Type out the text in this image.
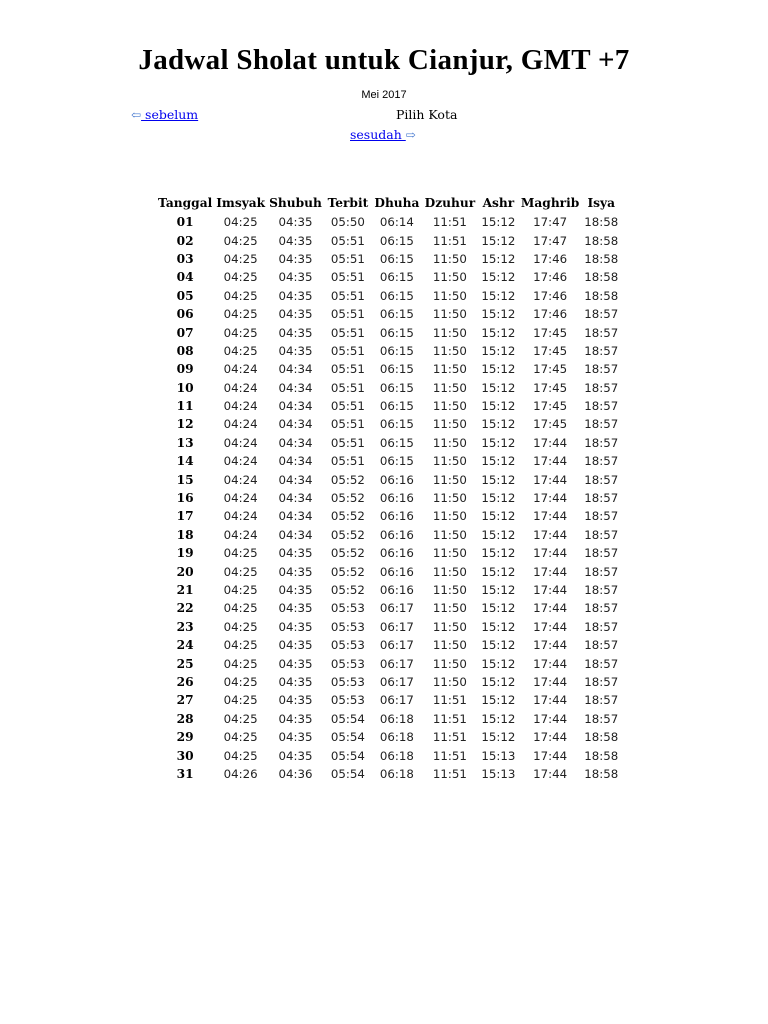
Jadwal Sholat untuk Cianjur, GMT +7
Mei 2017
⇦ sebelum	Pilih Kota
sesudah ⇨
Tanggal	Imsyak	Shubuh	Terbit	Dhuha	Dzuhur	Ashr	Maghrib	Isya
01	04:25	04:35	05:50	06:14	11:51	15:12	17:47	18:58
02	04:25	04:35	05:51	06:15	11:51	15:12	17:47	18:58
03	04:25	04:35	05:51	06:15	11:50	15:12	17:46	18:58
04	04:25	04:35	05:51	06:15	11:50	15:12	17:46	18:58
05	04:25	04:35	05:51	06:15	11:50	15:12	17:46	18:58
06	04:25	04:35	05:51	06:15	11:50	15:12	17:46	18:57
07	04:25	04:35	05:51	06:15	11:50	15:12	17:45	18:57
08	04:25	04:35	05:51	06:15	11:50	15:12	17:45	18:57
09	04:24	04:34	05:51	06:15	11:50	15:12	17:45	18:57
10	04:24	04:34	05:51	06:15	11:50	15:12	17:45	18:57
11	04:24	04:34	05:51	06:15	11:50	15:12	17:45	18:57
12	04:24	04:34	05:51	06:15	11:50	15:12	17:45	18:57
13	04:24	04:34	05:51	06:15	11:50	15:12	17:44	18:57
14	04:24	04:34	05:51	06:15	11:50	15:12	17:44	18:57
15	04:24	04:34	05:52	06:16	11:50	15:12	17:44	18:57
16	04:24	04:34	05:52	06:16	11:50	15:12	17:44	18:57
17	04:24	04:34	05:52	06:16	11:50	15:12	17:44	18:57
18	04:24	04:34	05:52	06:16	11:50	15:12	17:44	18:57
19	04:25	04:35	05:52	06:16	11:50	15:12	17:44	18:57
20	04:25	04:35	05:52	06:16	11:50	15:12	17:44	18:57
21	04:25	04:35	05:52	06:16	11:50	15:12	17:44	18:57
22	04:25	04:35	05:53	06:17	11:50	15:12	17:44	18:57
23	04:25	04:35	05:53	06:17	11:50	15:12	17:44	18:57
24	04:25	04:35	05:53	06:17	11:50	15:12	17:44	18:57
25	04:25	04:35	05:53	06:17	11:50	15:12	17:44	18:57
26	04:25	04:35	05:53	06:17	11:50	15:12	17:44	18:57
27	04:25	04:35	05:53	06:17	11:51	15:12	17:44	18:57
28	04:25	04:35	05:54	06:18	11:51	15:12	17:44	18:57
29	04:25	04:35	05:54	06:18	11:51	15:12	17:44	18:58
30	04:25	04:35	05:54	06:18	11:51	15:13	17:44	18:58
31	04:26	04:36	05:54	06:18	11:51	15:13	17:44	18:58
